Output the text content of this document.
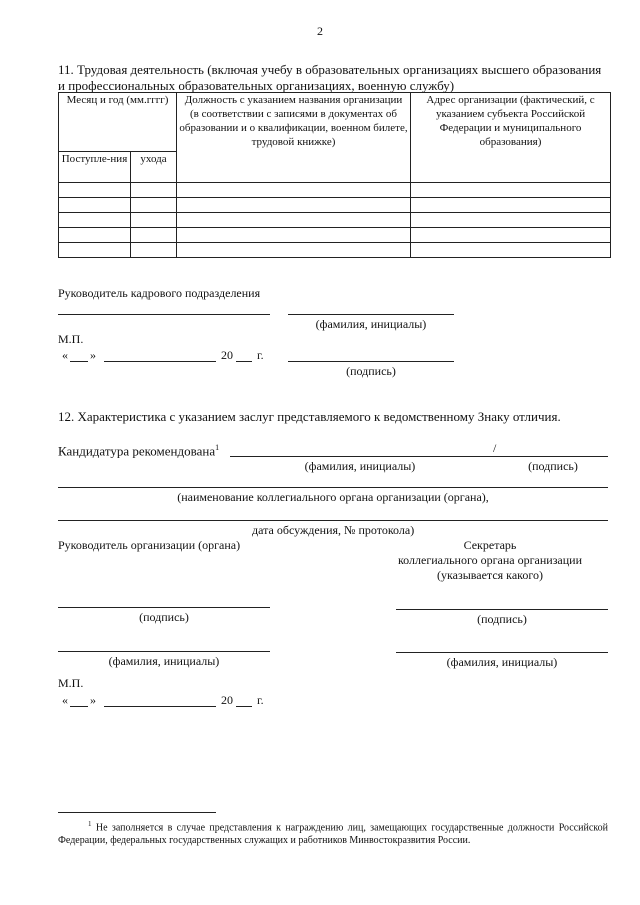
2
11. Трудовая деятельность (включая учебу в образовательных организациях высшего образования и профессиональных образовательных организациях, военную службу)
Месяц и год (мм.гггг)		Должность с указанием названия организации (в соответствии с записями в документах об образовании и о квалификации, военном билете, трудовой книжке)	Адрес организации (фактический, с указанием субъекта Российской Федерации и муниципального образования)
Поступле-ния	ухода		

Руководитель кадрового подразделения
(фамилия, инициалы)
М.П.
« »	20 г.
(подпись)
12. Характеристика с указанием заслуг представляемого к ведомственному Знаку отличия.
Кандидатура рекомендована$^1$	/
(фамилия, инициалы)	(подпись)
(наименование коллегиального органа организации (органа),
дата обсуждения, № протокола)
Руководитель организации (органа)	Секретарь
коллегиального органа организации
(указывается какого)
(подпись)	(подпись)
(фамилия, инициалы)	(фамилия, инициалы)
М.П.
« »	20 г.
$^1$ Не заполняется в случае представления к награждению лиц, замещающих государственные должности Российской Федерации, федеральных государственных служащих и работников Минвостокразвития России.
